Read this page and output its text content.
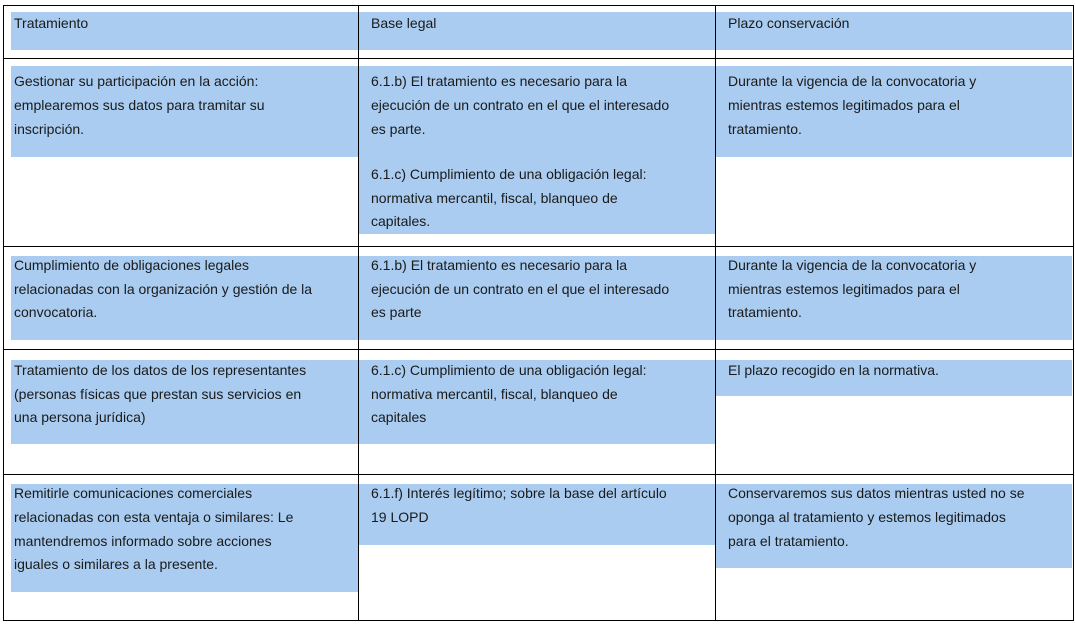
Tratamiento	Base legal	Plazo conservación
Gestionar su participación en la acción:
emplearemos sus datos para tramitar su
inscripción.
6.1.b) El tratamiento es necesario para la
ejecución de un contrato en el que el interesado
es parte.
6.1.c) Cumplimiento de una obligación legal:
normativa mercantil, fiscal, blanqueo de
capitales.
Durante la vigencia de la convocatoria y
mientras estemos legitimados para el
tratamiento.
Cumplimiento de obligaciones legales
relacionadas con la organización y gestión de la
convocatoria.
6.1.b) El tratamiento es necesario para la
ejecución de un contrato en el que el interesado
es parte
Durante la vigencia de la convocatoria y
mientras estemos legitimados para el
tratamiento.
Tratamiento de los datos de los representantes
(personas físicas que prestan sus servicios en
una persona jurídica)
6.1.c) Cumplimiento de una obligación legal:
normativa mercantil, fiscal, blanqueo de
capitales
El plazo recogido en la normativa.
Remitirle comunicaciones comerciales
relacionadas con esta ventaja o similares: Le
mantendremos informado sobre acciones
iguales o similares a la presente.
6.1.f) Interés legítimo; sobre la base del artículo
19 LOPD
Conservaremos sus datos mientras usted no se
oponga al tratamiento y estemos legitimados
para el tratamiento.
